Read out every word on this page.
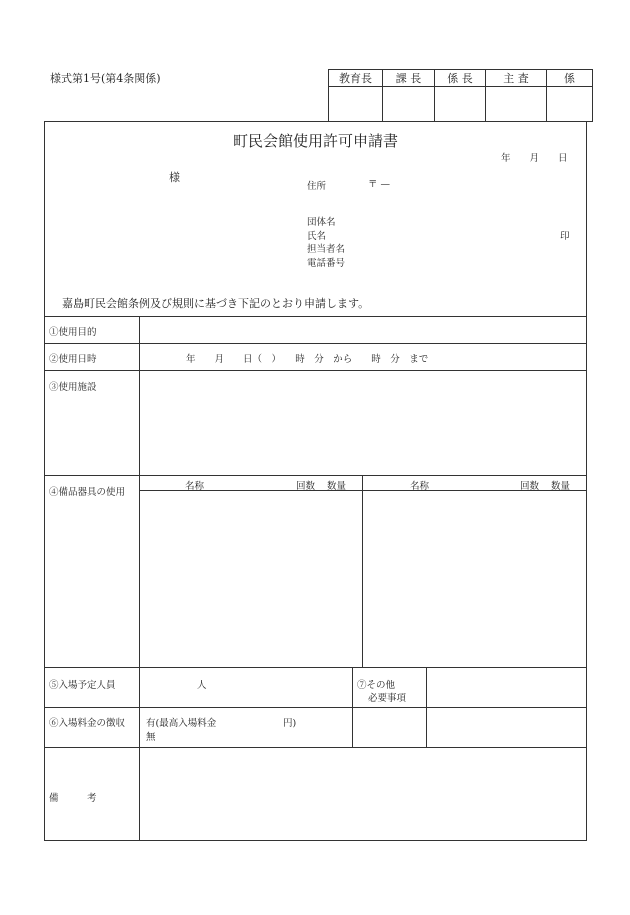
様式第1号(第4条関係)	教育長	課 長	係 長	主 査	係

町民会館使用許可申請書
年　　月　　日
様
住所	〒 —
団体名
氏名	印
担当者名
電話番号
嘉島町民会館条例及び規則に基づき下記のとおり申請します。
①使用目的
②使用日時	年　　月　　日（　）　　時　分　から　　時　分　まで
③使用施設
④備品器具の使用
名称	回数 数量	名称	回数 数量
⑤入場予定人員	人	⑦その他
必要事項
⑥入場料金の徴収 有(最高入場料金	円)
無
備　　　考
